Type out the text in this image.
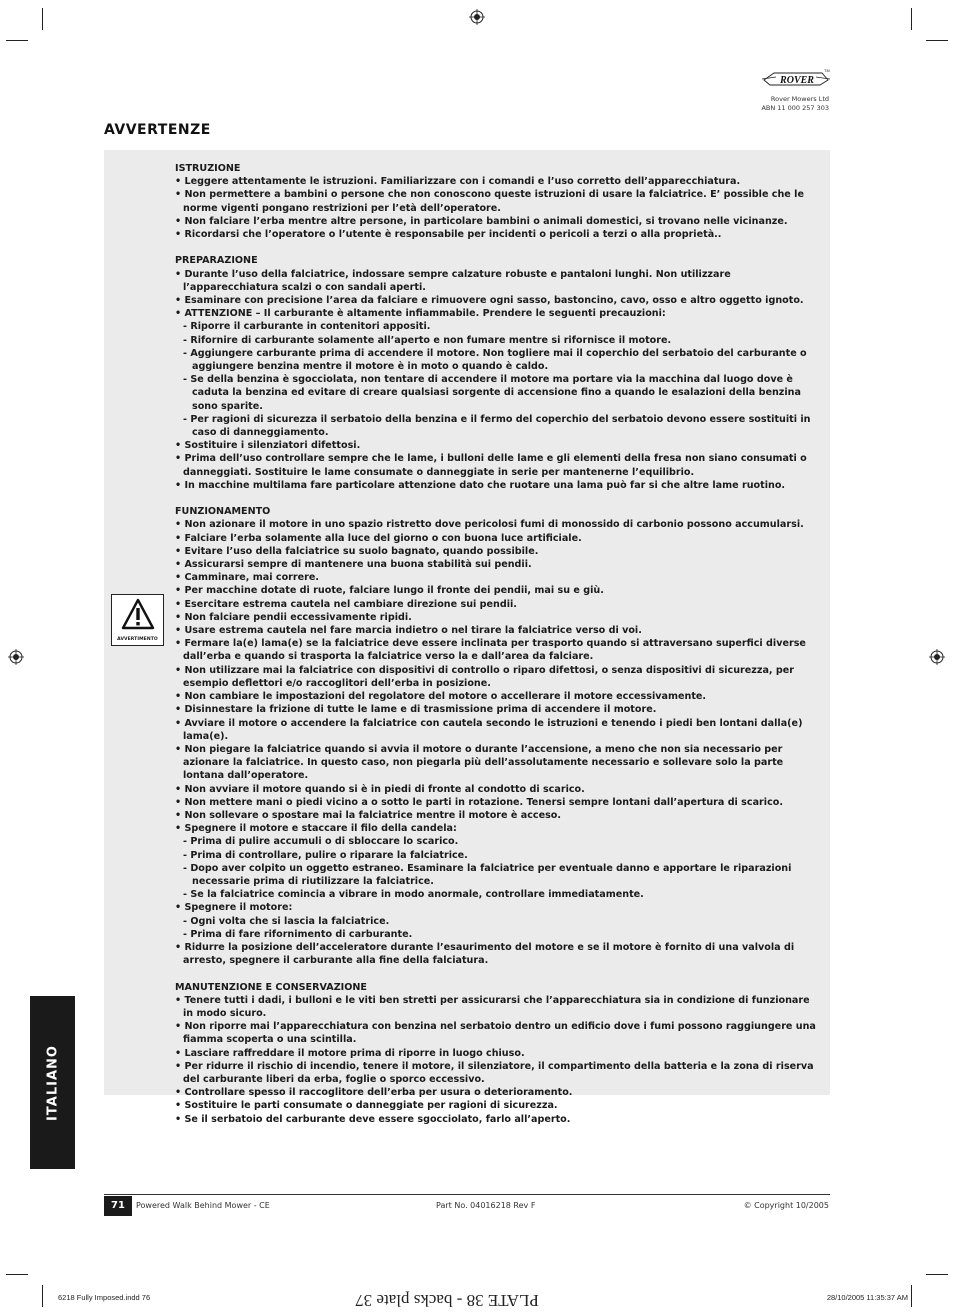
ROVER
TM
Rover Mowers Ltd
ABN 11 000 257 303
AVVERTENZE
AVVERTIMENTO
ISTRUZIONE
• Leggere attentamente le istruzioni. Familiarizzare con i comandi e l’uso corretto dell’apparecchiatura.
• Non permettere a bambini o persone che non conoscono queste istruzioni di usare la falciatrice. E’ possible che le norme vigenti pongano restrizioni per l’età dell’operatore.
• Non falciare l’erba mentre altre persone, in particolare bambini o animali domestici, si trovano nelle vicinanze.
• Ricordarsi che l’operatore o l’utente è responsabile per incidenti o pericoli a terzi o alla proprietà..
PREPARAZIONE
• Durante l’uso della falciatrice, indossare sempre calzature robuste e pantaloni lunghi. Non utilizzare l’apparecchiatura scalzi o con sandali aperti.
• Esaminare con precisione l’area da falciare e rimuovere ogni sasso, bastoncino, cavo, osso e altro oggetto ignoto.
• ATTENZIONE – Il carburante è altamente infiammabile. Prendere le seguenti precauzioni:
- Riporre il carburante in contenitori appositi.
- Rifornire di carburante solamente all’aperto e non fumare mentre si rifornisce il motore.
- Aggiungere carburante prima di accendere il motore. Non togliere mai il coperchio del serbatoio del carburante o aggiungere benzina mentre il motore è in moto o quando è caldo.
- Se della benzina è sgocciolata, non tentare di accendere il motore ma portare via la macchina dal luogo dove è caduta la benzina ed evitare di creare qualsiasi sorgente di accensione fino a quando le esalazioni della benzina sono sparite.
- Per ragioni di sicurezza il serbatoio della benzina e il fermo del coperchio del serbatoio devono essere sostituiti in caso di danneggiamento.
• Sostituire i silenziatori difettosi.
• Prima dell’uso controllare sempre che le lame, i bulloni delle lame e gli elementi della fresa non siano consumati o danneggiati. Sostituire le lame consumate o danneggiate in serie per mantenerne l’equilibrio.
• In macchine multilama fare particolare attenzione dato che ruotare una lama può far si che altre lame ruotino.
FUNZIONAMENTO
• Non azionare il motore in uno spazio ristretto dove pericolosi fumi di monossido di carbonio possono accumularsi.
• Falciare l’erba solamente alla luce del giorno o con buona luce artificiale.
• Evitare l’uso della falciatrice su suolo bagnato, quando possibile.
• Assicurarsi sempre di mantenere una buona stabilità sui pendii.
• Camminare, mai correre.
• Per macchine dotate di ruote, falciare lungo il fronte dei pendii, mai su e giù.
• Esercitare estrema cautela nel cambiare direzione sui pendii.
• Non falciare pendii eccessivamente ripidi.
• Usare estrema cautela nel fare marcia indietro o nel tirare la falciatrice verso di voi.
• Fermare la(e) lama(e) se la falciatrice deve essere inclinata per trasporto quando si attraversano superfici diverse dall’erba e quando si trasporta la falciatrice verso la e dall’area da falciare.
• Non utilizzare mai la falciatrice con dispositivi di controllo o riparo difettosi, o senza dispositivi di sicurezza, per esempio deflettori e/o raccoglitori dell’erba in posizione.
• Non cambiare le impostazioni del regolatore del motore o accellerare il motore eccessivamente.
• Disinnestare la frizione di tutte le lame e di trasmissione prima di accendere il motore.
• Avviare il motore o accendere la falciatrice con cautela secondo le istruzioni e tenendo i piedi ben lontani dalla(e) lama(e).
• Non piegare la falciatrice quando si avvia il motore o durante l’accensione, a meno che non sia necessario per azionare la falciatrice. In questo caso, non piegarla più dell’assolutamente necessario e sollevare solo la parte lontana dall’operatore.
• Non avviare il motore quando si è in piedi di fronte al condotto di scarico.
• Non mettere mani o piedi vicino a o sotto le parti in rotazione. Tenersi sempre lontani dall’apertura di scarico.
• Non sollevare o spostare mai la falciatrice mentre il motore è acceso.
• Spegnere il motore e staccare il filo della candela:
- Prima di pulire accumuli o di sbloccare lo scarico.
- Prima di controllare, pulire o riparare la falciatrice.
- Dopo aver colpito un oggetto estraneo. Esaminare la falciatrice per eventuale danno e apportare le riparazioni necessarie prima di riutilizzare la falciatrice.
- Se la falciatrice comincia a vibrare in modo anormale, controllare immediatamente.
• Spegnere il motore:
- Ogni volta che si lascia la falciatrice.
- Prima di fare rifornimento di carburante.
• Ridurre la posizione dell’acceleratore durante l’esaurimento del motore e se il motore è fornito di una valvola di arresto, spegnere il carburante alla fine della falciatura.
MANUTENZIONE E CONSERVAZIONE
• Tenere tutti i dadi, i bulloni e le viti ben stretti per assicurarsi che l’apparecchiatura sia in condizione di funzionare in modo sicuro.
• Non riporre mai l’apparecchiatura con benzina nel serbatoio dentro un edificio dove i fumi possono raggiungere una fiamma scoperta o una scintilla.
• Lasciare raffreddare il motore prima di riporre in luogo chiuso.
• Per ridurre il rischio di incendio, tenere il motore, il silenziatore, il compartimento della batteria e la zona di riserva del carburante liberi da erba, foglie o sporco eccessivo.
• Controllare spesso il raccoglitore dell’erba per usura o deterioramento.
• Sostituire le parti consumate o danneggiate per ragioni di sicurezza.
• Se il serbatoio del carburante deve essere sgocciolato, farlo all’aperto.
ITALIANO
71	Powered Walk Behind Mower - CE	Part No. 04016218 Rev F	© Copyright 10/2005
6218 Fully Imposed.indd 76	28/10/2005 11:35:37 AM
PLATE 38 - backs plate 37
